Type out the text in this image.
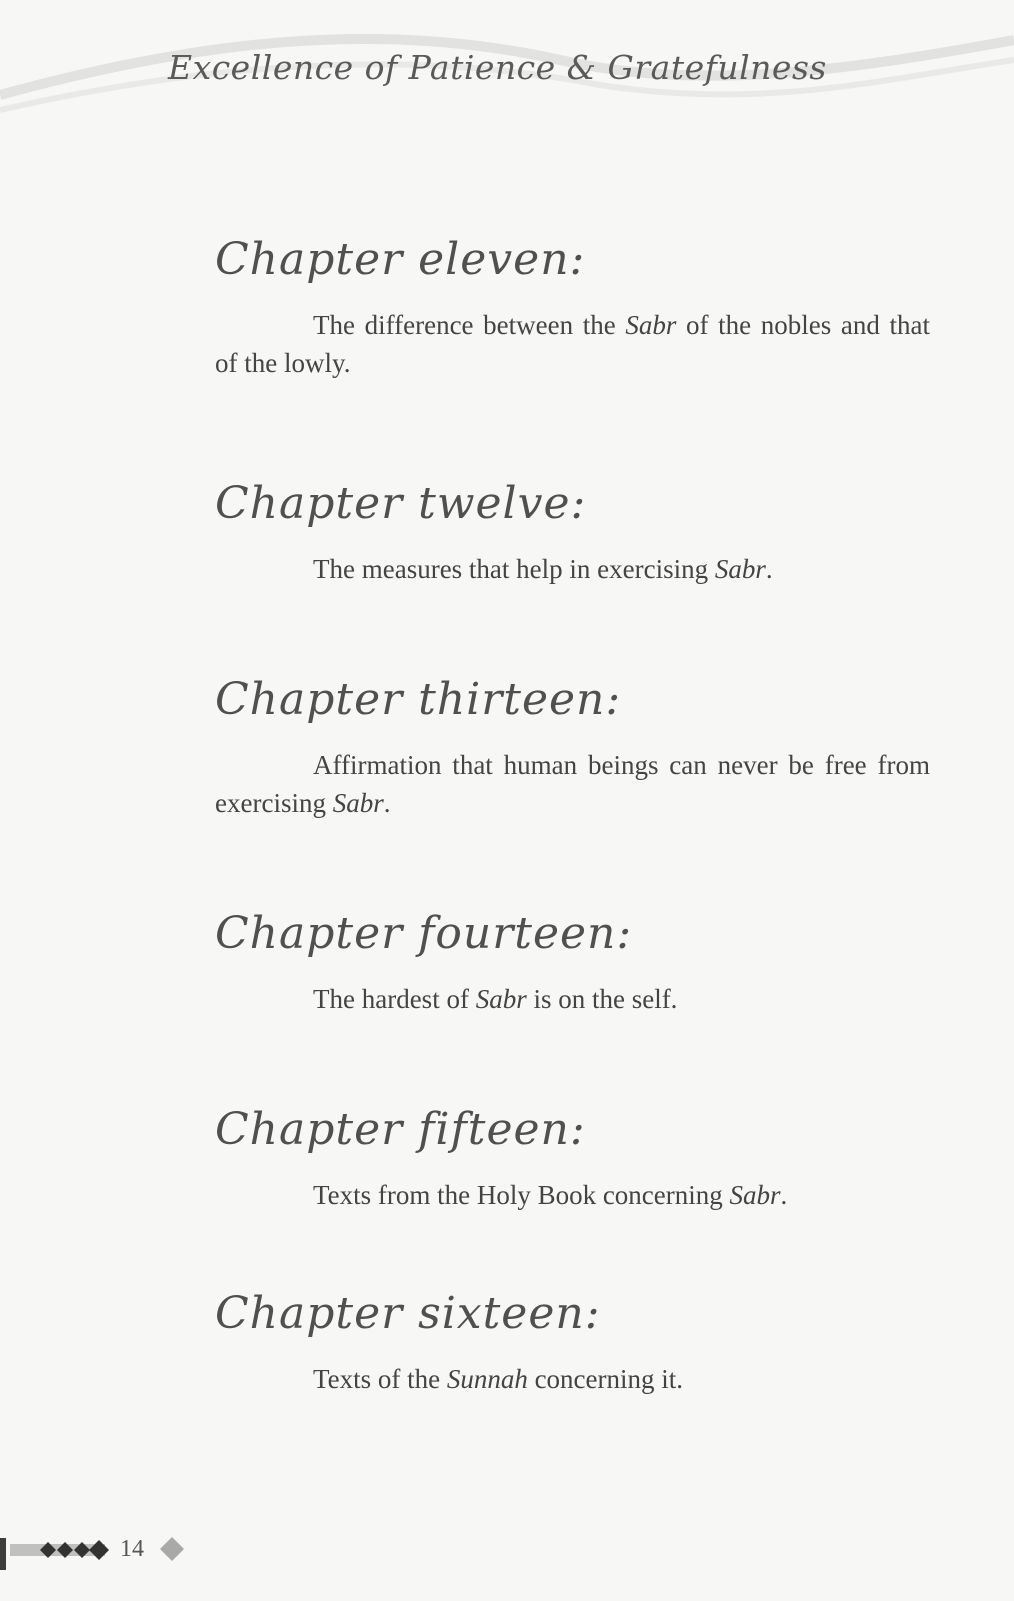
Excellence of Patience & Gratefulness

Chapter eleven:

The difference between the Sabr of the nobles and that of the lowly.

Chapter twelve:

The measures that help in exercising Sabr.

Chapter thirteen:

Affirmation that human beings can never be free from exercising Sabr.

Chapter fourteen:

The hardest of Sabr is on the self.

Chapter fifteen:

Texts from the Holy Book concerning Sabr.

Chapter sixteen:

Texts of the Sunnah concerning it.

14
